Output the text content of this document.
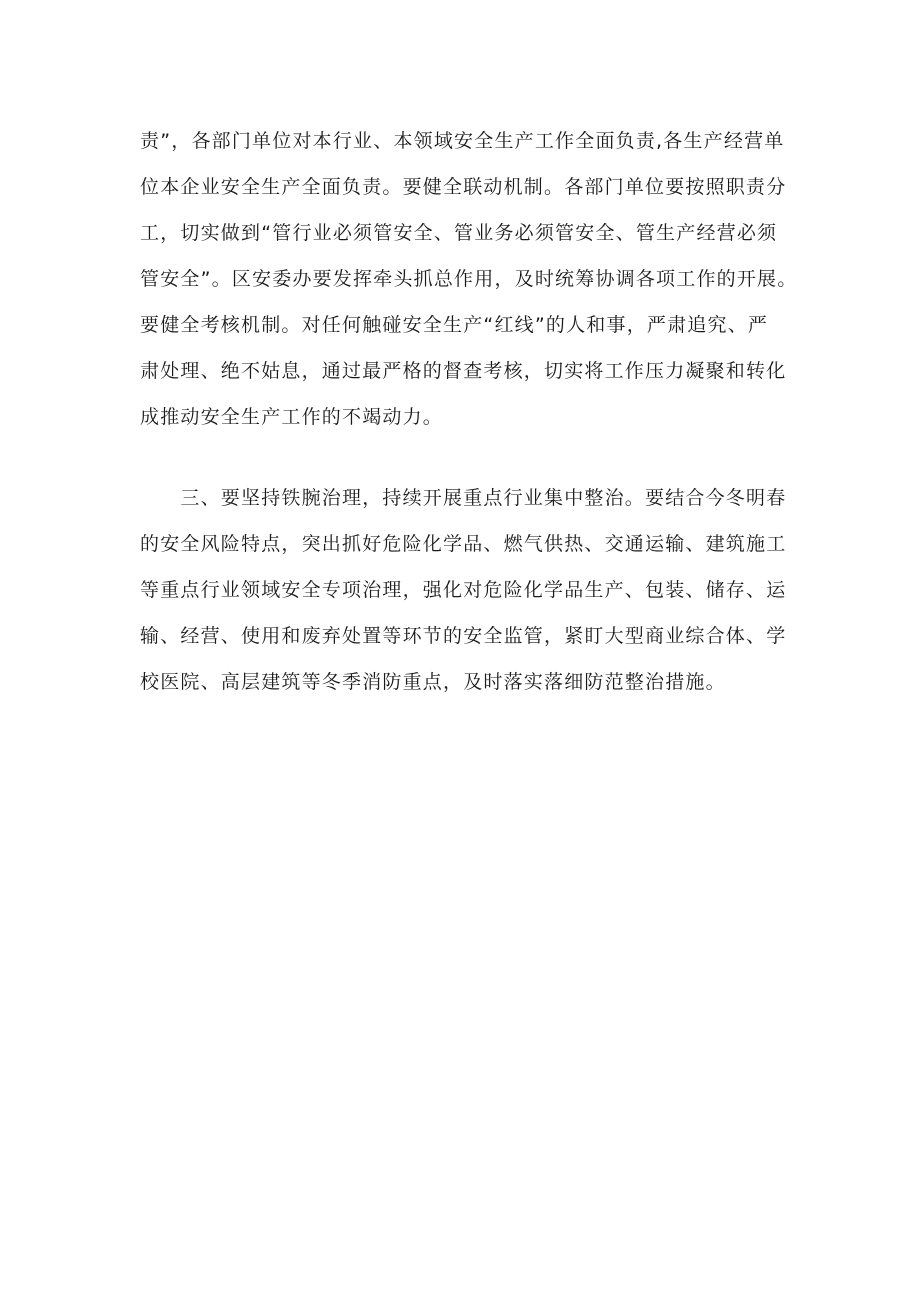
责”，各部门单位对本行业、本领域安全生产工作全面负责,各生产经营单
位本企业安全生产全面负责。要健全联动机制。各部门单位要按照职责分
工，切实做到“管行业必须管安全、管业务必须管安全、管生产经营必须
管安全”。区安委办要发挥牵头抓总作用，及时统筹协调各项工作的开展。
要健全考核机制。对任何触碰安全生产“红线”的人和事，严肃追究、严
肃处理、绝不姑息，通过最严格的督查考核，切实将工作压力凝聚和转化
成推动安全生产工作的不竭动力。
　　三、要坚持铁腕治理，持续开展重点行业集中整治。要结合今冬明春
的安全风险特点，突出抓好危险化学品、燃气供热、交通运输、建筑施工
等重点行业领域安全专项治理，强化对危险化学品生产、包装、储存、运
输、经营、使用和废弃处置等环节的安全监管，紧盯大型商业综合体、学
校医院、高层建筑等冬季消防重点，及时落实落细防范整治措施。
